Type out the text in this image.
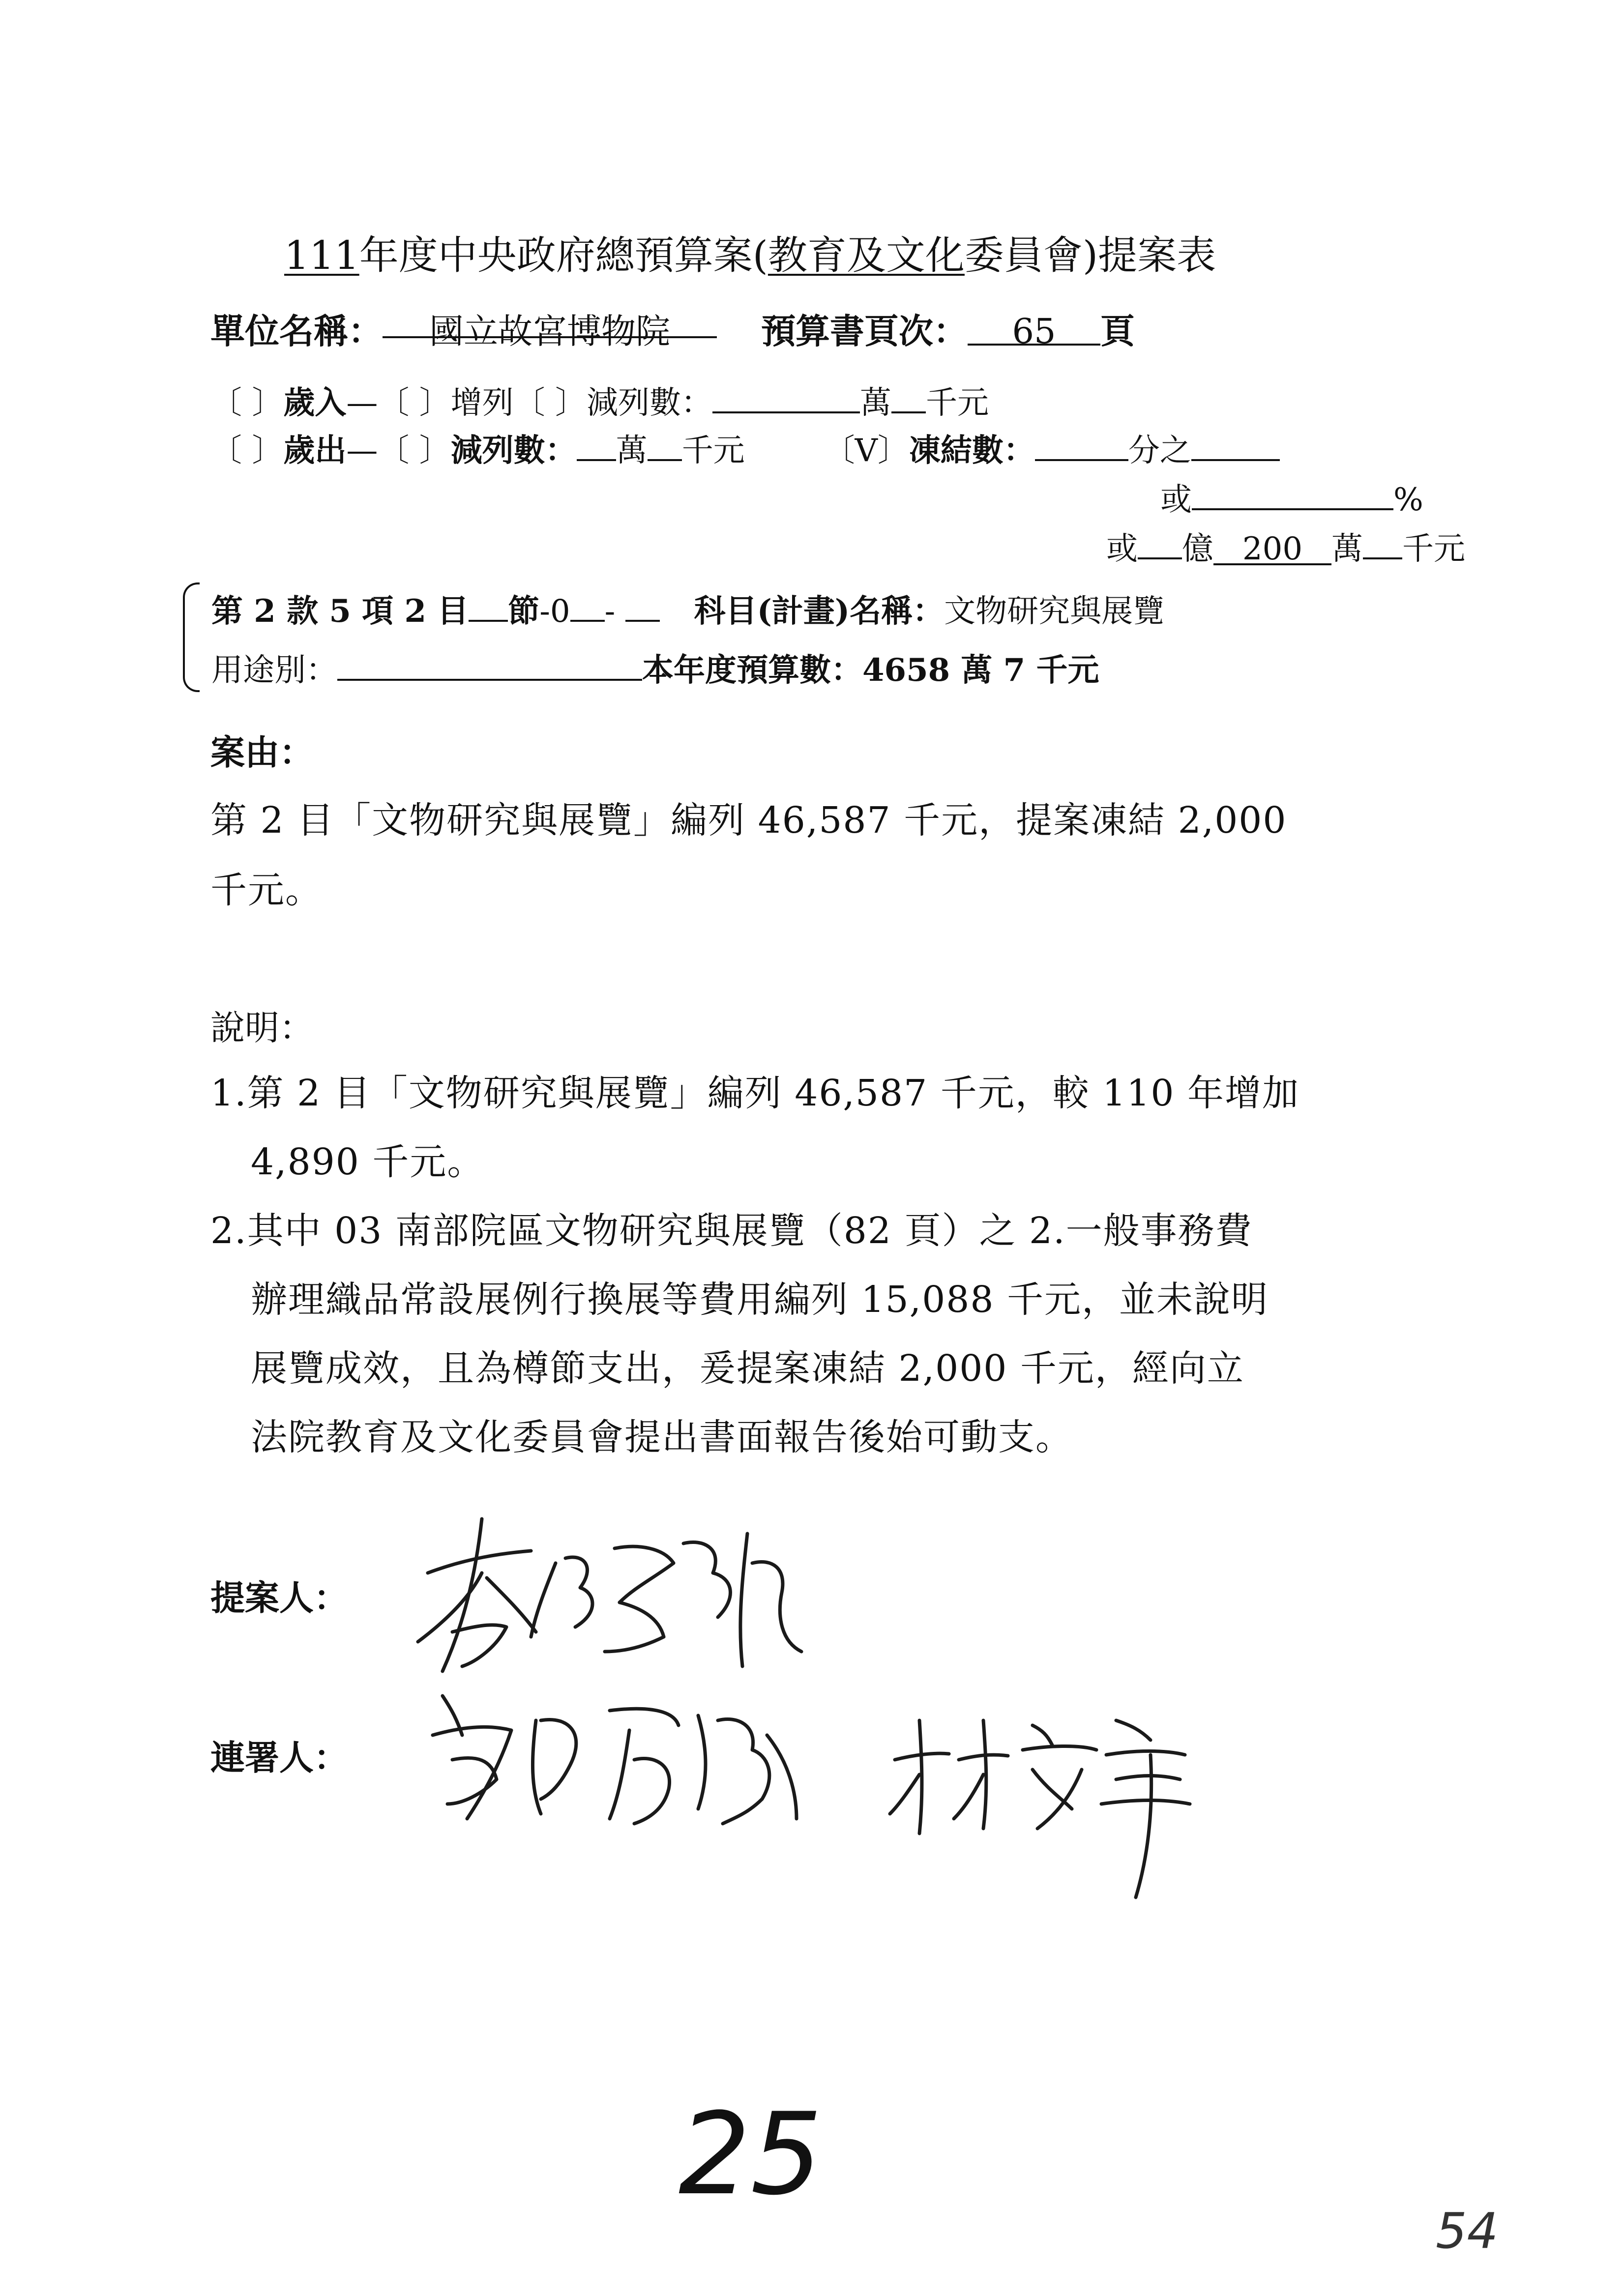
111年度中央政府總預算案(教育及文化委員會)提案表
單位名稱： 國立故宮博物院	預算書頁次： 65 頁
〔 〕歲入—〔 〕增列〔 〕減列數：	萬 千元
〔 〕歲出—〔 〕減列數： 萬 千元	〔V〕凍結數：	分之
或	%
或 億 200 萬 千元
第 2 款 5 項 2 目 節-0 - 科目(計畫)名稱：文物研究與展覽
用途別：	本年度預算數：4658 萬 7 千元
案由：
第 2 目「文物研究與展覽」編列 46,587 千元，提案凍結 2,000
千元。
說明：
1.第 2 目「文物研究與展覽」編列 46,587 千元，較 110 年增加
4,890 千元。
2.其中 03 南部院區文物研究與展覽（82 頁）之 2.一般事務費
辦理織品常設展例行換展等費用編列 15,088 千元，並未說明
展覽成效，且為樽節支出，爰提案凍結 2,000 千元，經向立
法院教育及文化委員會提出書面報告後始可動支。
提案人：
連署人：
25
54
